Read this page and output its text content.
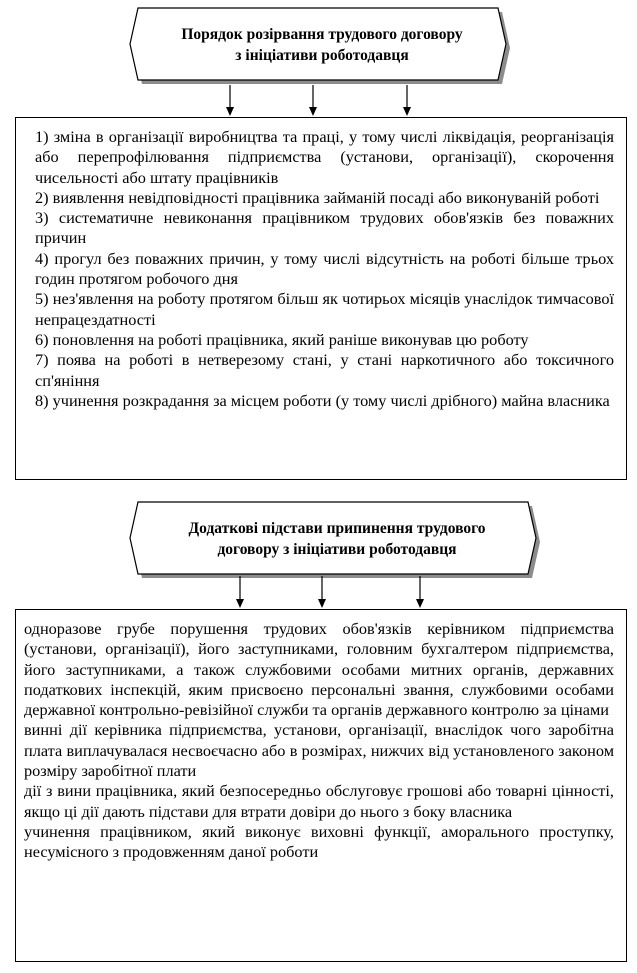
Порядок розірвання трудового договору
з ініціативи роботодавця
1) зміна в організації виробництва та праці, у тому числі ліквідація, реорганізація або перепрофілювання підприємства (установи, організації), скорочення чисельності або штату працівників
2) виявлення невідповідності працівника займаній посаді або виконуваній роботі
3) систематичне невиконання працівником трудових обов'язків без поважних причин
4) прогул без поважних причин, у тому числі відсутність на роботі більше трьох годин протягом робочого дня
5) нез'явлення на роботу протягом більш як чотирьох місяців унаслідок тимчасової непрацездатності
6) поновлення на роботі працівника, який раніше виконував цю роботу
7) поява на роботі в нетверезому стані, у стані наркотичного або токсичного сп'яніння
8) учинення розкрадання за місцем роботи (у тому числі дрібного) майна власника
Додаткові підстави припинення трудового
договору з ініціативи роботодавця
одноразове грубе порушення трудових обов'язків керівником підприємства (установи, організації), його заступниками, головним бухгалтером підприємства, його заступниками, а також службовими особами митних органів, державних податкових інспекцій, яким присвоєно персональні звання, службовими особами державної контрольно-ревізійної служби та органів державного контролю за цінами
винні дії керівника підприємства, установи, організації, внаслідок чого заробітна плата виплачувалася несвоєчасно або в розмірах, нижчих від установленого законом розміру заробітної плати
дії з вини працівника, який безпосередньо обслуговує грошові або товарні цінності, якщо ці дії дають підстави для втрати довіри до нього з боку власника
учинення працівником, який виконує виховні функції, аморального проступку, несумісного з продовженням даної роботи
